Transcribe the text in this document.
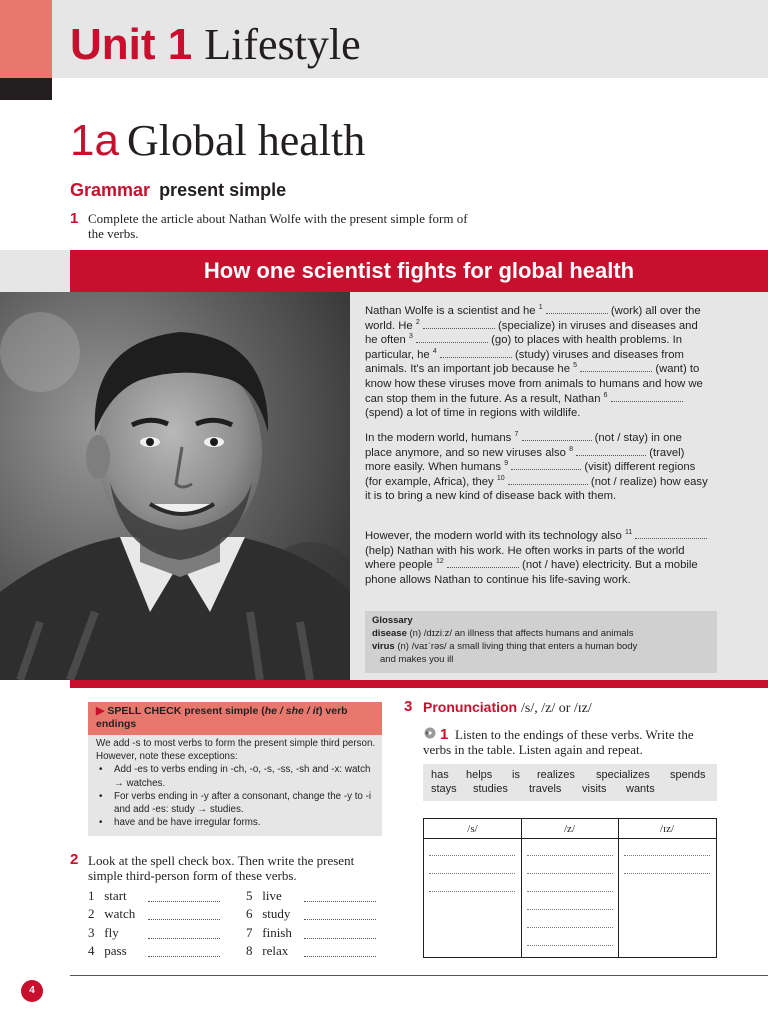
Unit 1 Lifestyle
1a Global health
Grammar present simple
1 Complete the article about Nathan Wolfe with the present simple form of the verbs.
How one scientist fights for global health
Nathan Wolfe is a scientist and he $^1$	(work) all over the world. He $^2$	(specialize) in viruses and diseases and he often $^3$	(go) to places with health problems. In particular, he $^4$	(study) viruses and diseases from animals. It's an important job because he $^5$	(want) to know how these viruses move from animals to humans and how we can stop them in the future. As a result, Nathan $^6$  (spend) a lot of time in regions with wildlife.
In the modern world, humans $^7$	(not / stay) in one place anymore, and so new viruses also $^8$	(travel) more easily. When humans $^9$	(visit) different regions (for example, Africa), they $^{10}$	(not / realize) how easy it is to bring a new kind of disease back with them.
However, the modern world with its technology also $^{11}$  (help) Nathan with his work. He often works in parts of the world where people $^{12}$	(not / have) electricity. But a mobile phone allows Nathan to continue his life-saving work.
Glossary
disease (n) /dɪziːz/ an illness that affects humans and animals
virus (n) /vaɪˈrəs/ a small living thing that enters a human body
and makes you ill
▶ SPELL CHECK present simple (he / she / it) verb endings
We add -s to most verbs to form the present simple third person. However, note these exceptions:
• Add -es to verbs ending in -ch, -o, -s, -ss, -sh and -x: watch → watches.
• For verbs ending in -y after a consonant, change the -y to -i and add -es: study → studies.
• have and be have irregular forms.
2 Look at the spell check box. Then write the present simple third-person form of these verbs.
1 start
2 watch
3 fly
4 pass
5 live
6 study
7 finish
8 relax
3 Pronunciation /s/, /z/ or /ɪz/
1 Listen to the endings of these verbs. Write the verbs in the table. Listen again and repeat.
has helps is realizes specializes spends
stays studies travels visits wants
/s/	/z/	/ɪz/
4
